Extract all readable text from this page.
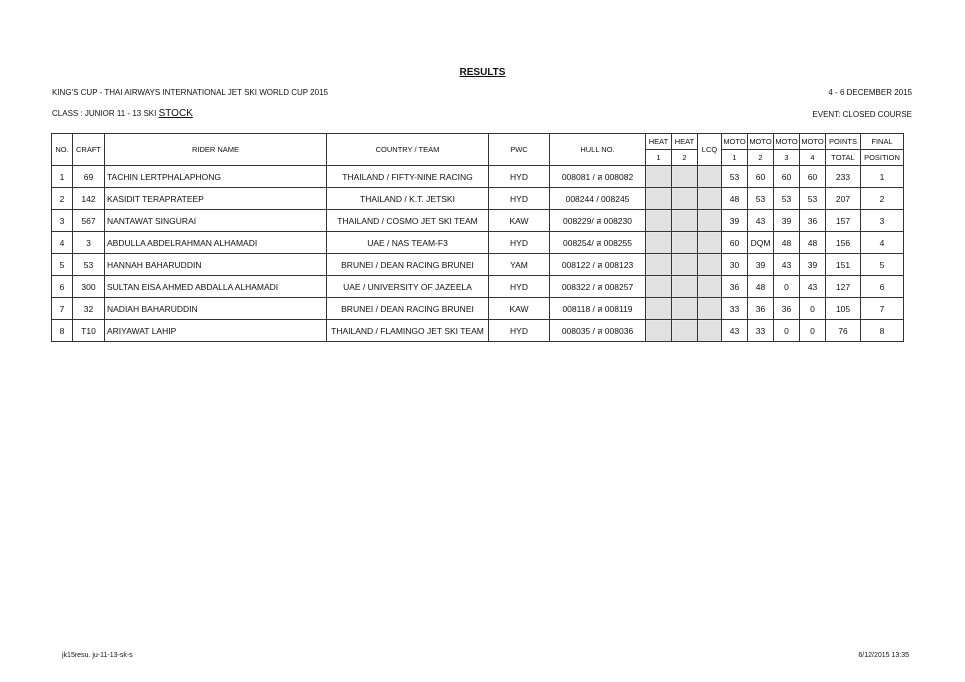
RESULTS
KING'S CUP - THAI AIRWAYS INTERNATIONAL JET SKI WORLD CUP 2015	4 - 6 DECEMBER 2015
CLASS : JUNIOR 11 - 13 SKI STOCK	EVENT: CLOSED COURSE
NO.	CRAFT	RIDER NAME	COUNTRY / TEAM	PWC	HULL NO.	HEAT	HEAT	LCQ	MOTO	MOTO	MOTO	MOTO	POINTS	FINAL
						1	2		1	2	3	4	TOTAL	POSITION
1	69	TACHIN LERTPHALAPHONG	THAILAND / FIFTY-NINE RACING	HYD	008081 / ส 008082				53	60	60	60	233	1
2	142	KASIDIT TERAPRATEEP	THAILAND / K.T. JETSKI	HYD	008244 / 008245				48	53	53	53	207	2
3	567	NANTAWAT SINGURAI	THAILAND / COSMO JET SKI TEAM	KAW	008229/ ส 008230				39	43	39	36	157	3
4	3	ABDULLA ABDELRAHMAN ALHAMADI	UAE / NAS TEAM-F3	HYD	008254/ ส 008255				60	DQM	48	48	156	4
5	53	HANNAH BAHARUDDIN	BRUNEI / DEAN RACING BRUNEI	YAM	008122 / ส 008123				30	39	43	39	151	5
6	300	SULTAN EISA AHMED ABDALLA ALHAMADI	UAE / UNIVERSITY OF JAZEELA	HYD	008322 / ส 008257				36	48	0	43	127	6
7	32	NADIAH BAHARUDDIN	BRUNEI / DEAN RACING BRUNEI	KAW	008118 / ส 008119				33	36	36	0	105	7
8	T10	ARIYAWAT LAHIP	THAILAND / FLAMINGO JET SKI TEAM	HYD	008035 / ส 008036				43	33	0	0	76	8
jk15resu. ju-11-13-sk-s	6/12/2015 13:35
